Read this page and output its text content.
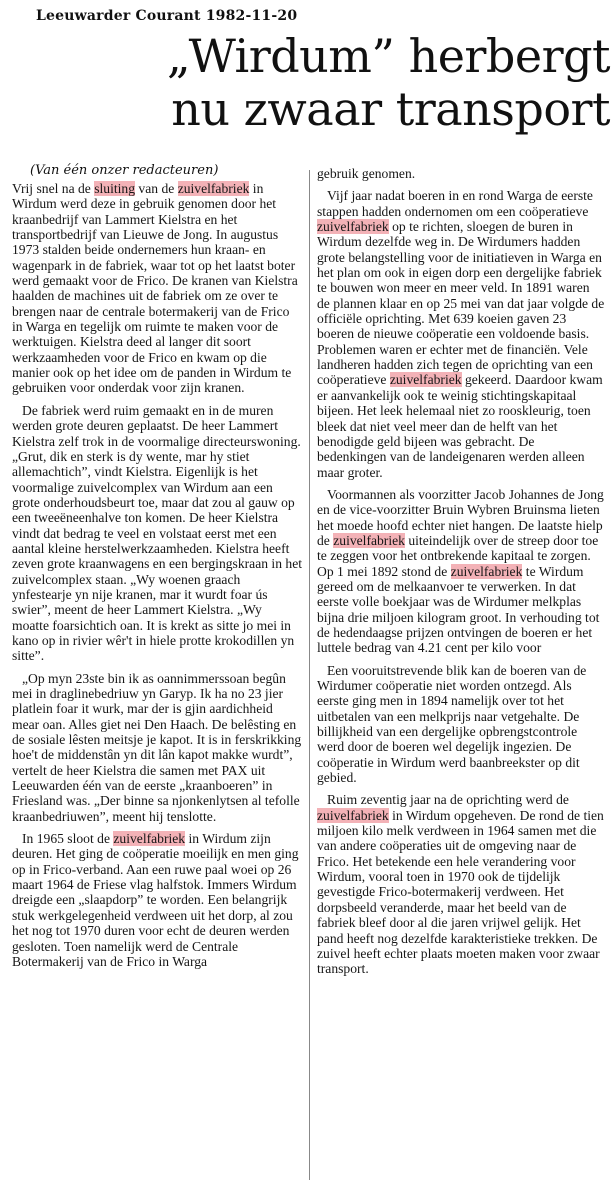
Leeuwarder Courant 1982-11-20
„Wirdum” herbergt
nu zwaar transport
(Van één onzer redacteuren)

Vrij snel na de sluiting van de zuivelfabriek in Wirdum werd deze in gebruik genomen door het kraanbedrijf van Lammert Kielstra en het transportbedrijf van Lieuwe de Jong. In augustus 1973 stalden beide ondernemers hun kraan- en wagenpark in de fabriek, waar tot op het laatst boter werd gemaakt voor de Frico. De kranen van Kielstra haalden de machines uit de fabriek om ze over te brengen naar de centrale botermakerij van de Frico in Warga en tegelijk om ruimte te maken voor de werktuigen. Kielstra deed al langer dit soort werkzaamheden voor de Frico en kwam op die manier ook op het idee om de panden in Wirdum te gebruiken voor onderdak voor zijn kranen.

De fabriek werd ruim gemaakt en in de muren werden grote deuren geplaatst. De heer Lammert Kielstra zelf trok in de voormalige directeurswoning. „Grut, dik en sterk is dy wente, mar hy stiet allemachtich”, vindt Kielstra. Eigenlijk is het voormalige zuivelcomplex van Wirdum aan een grote onderhoudsbeurt toe, maar dat zou al gauw op een tweeëneenhalve ton komen. De heer Kielstra vindt dat bedrag te veel en volstaat eerst met een aantal kleine herstelwerkzaamheden. Kielstra heeft zeven grote kraanwagens en een bergingskraan in het zuivelcomplex staan. „Wy woenen graach ynfestearje yn nije kranen, mar it wurdt foar ús swier”, meent de heer Lammert Kielstra. „Wy moatte foarsichtich oan. It is krekt as sitte jo mei in kano op in rivier wêr't in hiele protte krokodillen yn sitte”.

„Op myn 23ste bin ik as oannimmerssoan begûn mei in draglinebedriuw yn Garyp. Ik ha no 23 jier platlein foar it wurk, mar der is gjin aardichheid mear oan. Alles giet nei Den Haach. De belêsting en de sosiale lêsten meitsje je kapot. It is in ferskrikking hoe't de middenstân yn dit lân kapot makke wurdt”, vertelt de heer Kielstra die samen met PAX uit Leeuwarden één van de eerste „kraanboeren” in Friesland was. „Der binne sa njonkenlytsen al tefolle kraanbedriuwen”, meent hij tenslotte.

In 1965 sloot de zuivelfabriek in Wirdum zijn deuren. Het ging de coöperatie moeilijk en men ging op in Frico-verband. Aan een ruwe paal woei op 26 maart 1964 de Friese vlag halfstok. Immers Wirdum dreigde een „slaapdorp” te worden. Een belangrijk stuk werkgelegenheid verdween uit het dorp, al zou het nog tot 1970 duren voor echt de deuren werden gesloten. Toen namelijk werd de Centrale Botermakerij van de Frico in Warga

gebruik genomen.

Vijf jaar nadat boeren in en rond Warga de eerste stappen hadden ondernomen om een coöperatieve zuivelfabriek op te richten, sloegen de buren in Wirdum dezelfde weg in. De Wirdumers hadden grote belangstelling voor de initiatieven in Warga en het plan om ook in eigen dorp een dergelijke fabriek te bouwen won meer en meer veld. In 1891 waren de plannen klaar en op 25 mei van dat jaar volgde de officiële oprichting. Met 639 koeien gaven 23 boeren de nieuwe coöperatie een voldoende basis. Problemen waren er echter met de financiën. Vele landheren hadden zich tegen de oprichting van een coöperatieve zuivelfabriek gekeerd. Daardoor kwam er aanvankelijk ook te weinig stichtingskapitaal bijeen. Het leek helemaal niet zo rooskleurig, toen bleek dat niet veel meer dan de helft van het benodigde geld bijeen was gebracht. De bedenkingen van de landeigenaren werden alleen maar groter.

Voormannen als voorzitter Jacob Johannes de Jong en de vice-voorzitter Bruin Wybren Bruinsma lieten het moede hoofd echter niet hangen. De laatste hielp de zuivelfabriek uiteindelijk over de streep door toe te zeggen voor het ontbrekende kapitaal te zorgen. Op 1 mei 1892 stond de zuivelfabriek te Wirdum gereed om de melkaanvoer te verwerken. In dat eerste volle boekjaar was de Wirdumer melkplas bijna drie miljoen kilogram groot. In verhouding tot de hedendaagse prijzen ontvingen de boeren er het luttele bedrag van 4.21 cent per kilo voor

Een vooruitstrevende blik kan de boeren van de Wirdumer coöperatie niet worden ontzegd. Als eerste ging men in 1894 namelijk over tot het uitbetalen van een melkprijs naar vetgehalte. De billijkheid van een dergelijke opbrengstcontrole werd door de boeren wel degelijk ingezien. De coöperatie in Wirdum werd baanbreekster op dit gebied.

Ruim zeventig jaar na de oprichting werd de zuivelfabriek in Wirdum opgeheven. De rond de tien miljoen kilo melk verdween in 1964 samen met die van andere coöperaties uit de omgeving naar de Frico. Het betekende een hele verandering voor Wirdum, vooral toen in 1970 ook de tijdelijk gevestigde Frico-botermakerij verdween. Het dorpsbeeld veranderde, maar het beeld van de fabriek bleef door al die jaren vrijwel gelijk. Het pand heeft nog dezelfde karakteristieke trekken. De zuivel heeft echter plaats moeten maken voor zwaar transport.
